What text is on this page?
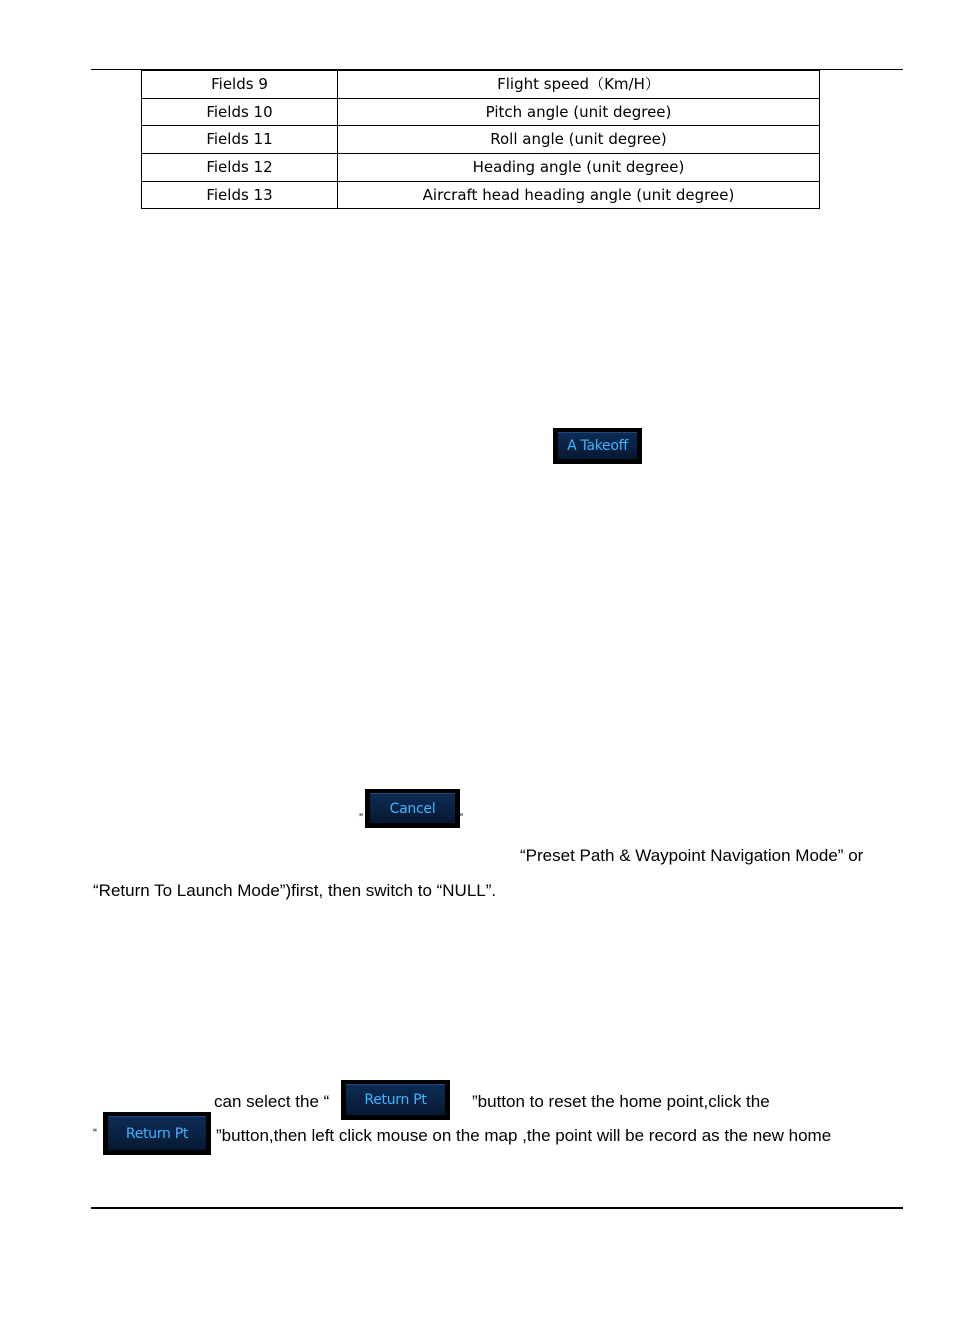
Fields 9	Flight speed（Km/H）
Fields 10	Pitch angle (unit degree)
Fields 11	Roll angle (unit degree)
Fields 12	Heading angle (unit degree)
Fields 13	Aircraft head heading angle (unit degree)
A Takeoff
”
Cancel
”
“Preset Path & Waypoint Navigation Mode” or
“Return To Launch Mode”)first, then switch to “NULL”.
can select the “	Return Pt	”button to reset the home point,click the
“	Return Pt	”button,then left click mouse on the map ,the point will be record as the new home
